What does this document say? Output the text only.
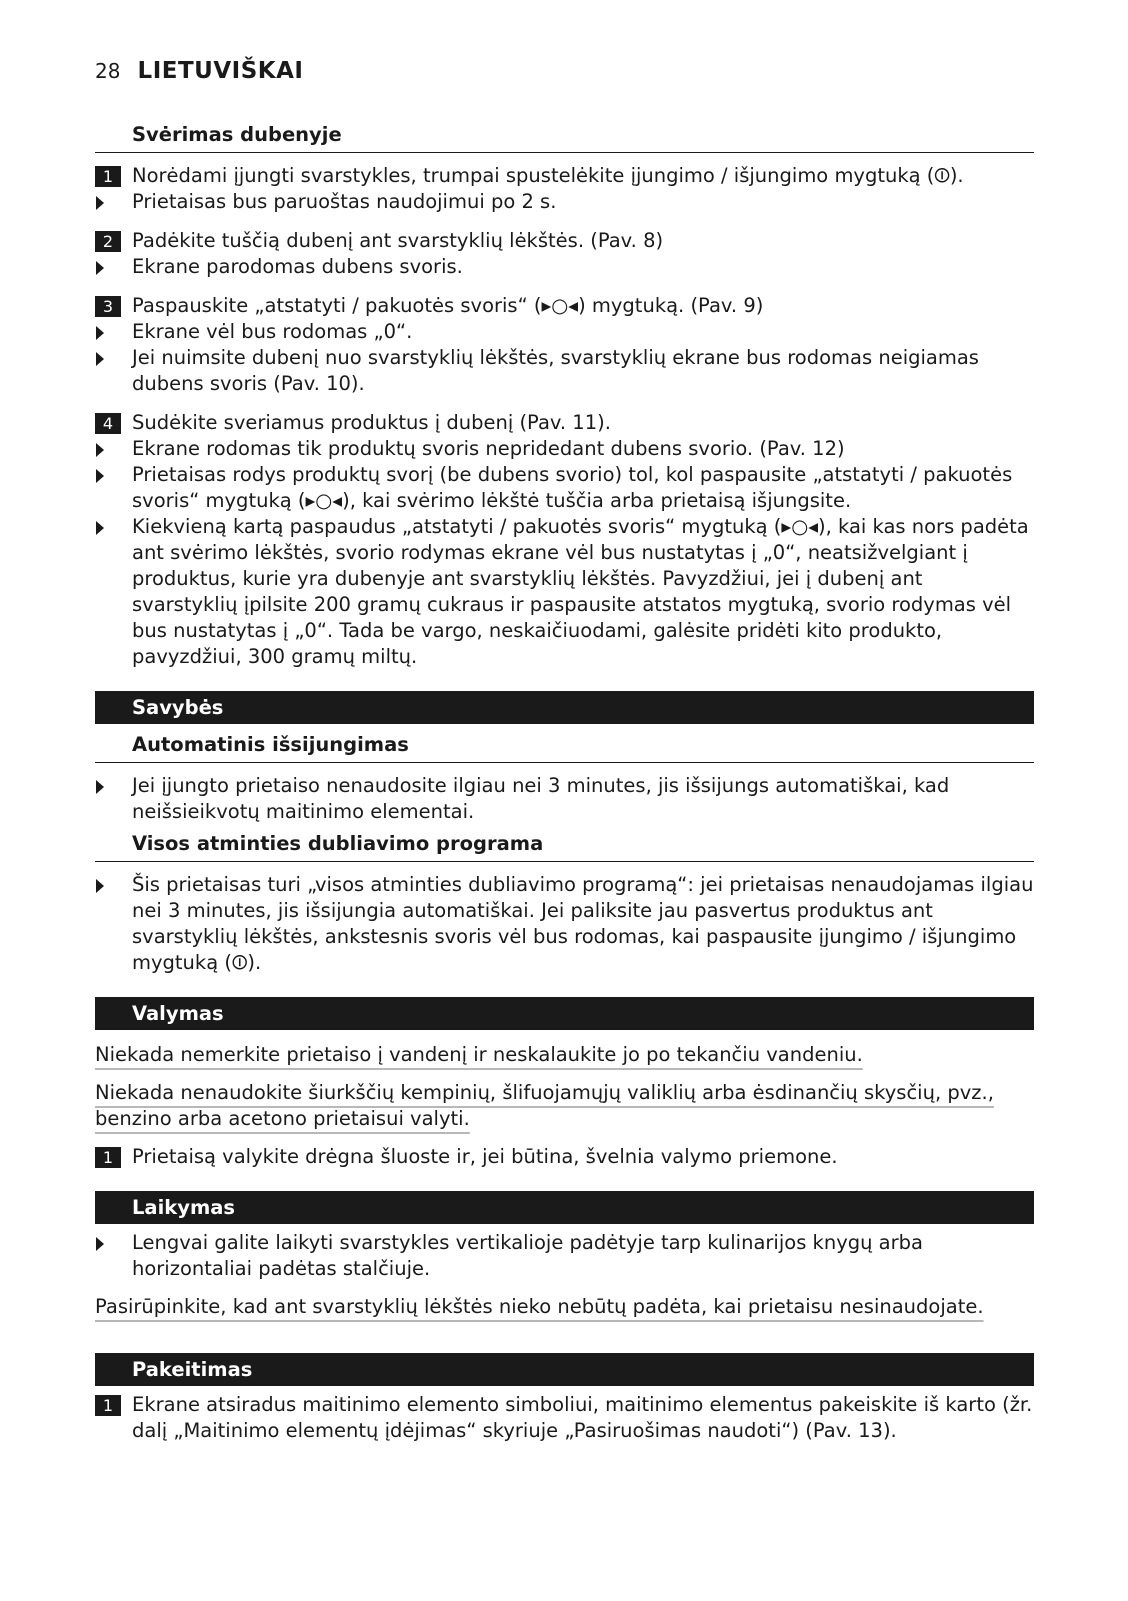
28 LIETUVIŠKAI
Svėrimas dubenyje
1 Norėdami įjungti svarstykles, trumpai spustelėkite įjungimo / išjungimo mygtuką (⏼).
Prietaisas bus paruoštas naudojimui po 2 s.
2 Padėkite tuščią dubenį ant svarstyklių lėkštės. (Pav. 8)
Ekrane parodomas dubens svoris.
3 Paspauskite „atstatyti / pakuotės svoris“ (▸○◂) mygtuką. (Pav. 9)
Ekrane vėl bus rodomas „0“.
Jei nuimsite dubenį nuo svarstyklių lėkštės, svarstyklių ekrane bus rodomas neigiamas dubens svoris (Pav. 10).
4 Sudėkite sveriamus produktus į dubenį (Pav. 11).
Ekrane rodomas tik produktų svoris nepridedant dubens svorio. (Pav. 12)
Prietaisas rodys produktų svorį (be dubens svorio) tol, kol paspausite „atstatyti / pakuotės svoris“ mygtuką (▸○◂), kai svėrimo lėkštė tuščia arba prietaisą išjungsite.
Kiekvieną kartą paspaudus „atstatyti / pakuotės svoris“ mygtuką (▸○◂), kai kas nors padėta ant svėrimo lėkštės, svorio rodymas ekrane vėl bus nustatytas į „0“, neatsižvelgiant į produktus, kurie yra dubenyje ant svarstyklių lėkštės. Pavyzdžiui, jei į dubenį ant svarstyklių įpilsite 200 gramų cukraus ir paspausite atstatos mygtuką, svorio rodymas vėl bus nustatytas į „0“. Tada be vargo, neskaičiuodami, galėsite pridėti kito produkto, pavyzdžiui, 300 gramų miltų.
Savybės
Automatinis išsijungimas
Jei įjungto prietaiso nenaudosite ilgiau nei 3 minutes, jis išsijungs automatiškai, kad neišsieikvotų maitinimo elementai.
Visos atminties dubliavimo programa
Šis prietaisas turi „visos atminties dubliavimo programą“: jei prietaisas nenaudojamas ilgiau nei 3 minutes, jis išsijungia automatiškai. Jei paliksite jau pasvertus produktus ant svarstyklių lėkštės, ankstesnis svoris vėl bus rodomas, kai paspausite įjungimo / išjungimo mygtuką (⏼).
Valymas
Niekada nemerkite prietaiso į vandenį ir neskalaukite jo po tekančiu vandeniu.
Niekada nenaudokite šiurkščių kempinių, šlifuojamųjų valiklių arba ėsdinančių skysčių, pvz., benzino arba acetono prietaisui valyti.
1 Prietaisą valykite drėgna šluoste ir, jei būtina, švelnia valymo priemone.
Laikymas
Lengvai galite laikyti svarstykles vertikalioje padėtyje tarp kulinarijos knygų arba horizontaliai padėtas stalčiuje.
Pasirūpinkite, kad ant svarstyklių lėkštės nieko nebūtų padėta, kai prietaisu nesinaudojate.
Pakeitimas
1 Ekrane atsiradus maitinimo elemento simboliui, maitinimo elementus pakeiskite iš karto (žr. dalį „Maitinimo elementų įdėjimas“ skyriuje „Pasiruošimas naudoti“) (Pav. 13).
